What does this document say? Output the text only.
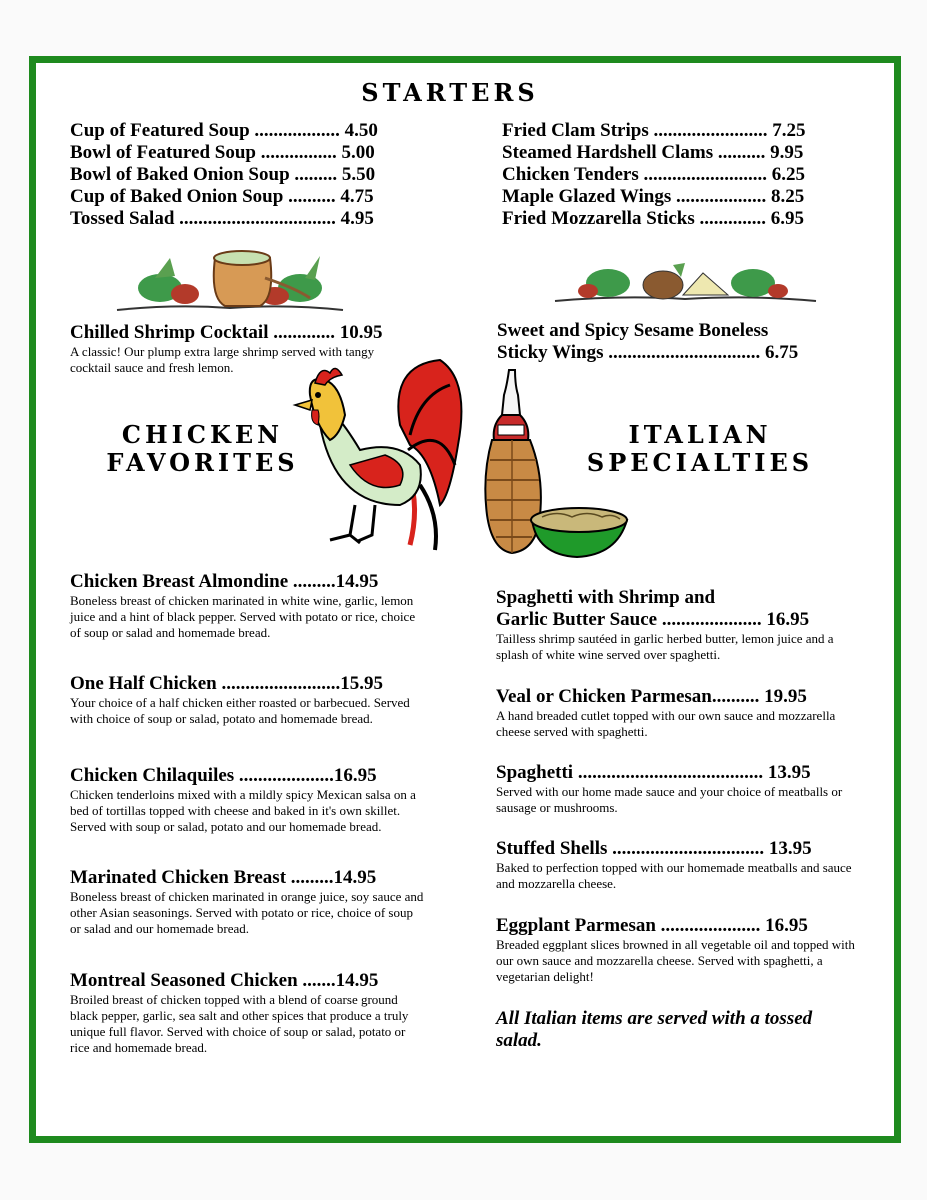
STARTERS
Cup of Featured Soup .................. 4.50
Bowl of Featured Soup ................ 5.00
Bowl of Baked Onion Soup ......... 5.50
Cup of Baked Onion Soup .......... 4.75
Tossed Salad ................................. 4.95
Fried Clam Strips ........................ 7.25
Steamed Hardshell Clams .......... 9.95
Chicken Tenders .......................... 6.25
Maple Glazed Wings ................... 8.25
Fried Mozzarella Sticks .............. 6.95
Chilled Shrimp Cocktail ............. 10.95
A classic! Our plump extra large shrimp served with tangy cocktail sauce and fresh lemon.
Sweet and Spicy Sesame Boneless
Sticky Wings ................................ 6.75
CHICKEN
FAVORITES
ITALIAN
SPECIALTIES
Chicken Breast Almondine .........14.95
Boneless breast of chicken marinated in white wine, garlic, lemon juice and a hint of black pepper. Served with potato or rice, choice of soup or salad and homemade bread.
One Half Chicken .........................15.95
Your choice of a half chicken either roasted or barbecued. Served with choice of soup or salad, potato and homemade bread.
Chicken Chilaquiles ....................16.95
Chicken tenderloins mixed with a mildly spicy Mexican salsa on a bed of tortillas topped with cheese and baked in it's own skillet. Served with soup or salad, potato and our homemade bread.
Marinated Chicken Breast .........14.95
Boneless breast of chicken marinated in orange juice, soy sauce and other Asian seasonings. Served with potato or rice, choice of soup or salad and our homemade bread.
Montreal Seasoned Chicken .......14.95
Broiled breast of chicken topped with a blend of coarse ground black pepper, garlic, sea salt and other spices that produce a truly unique full flavor. Served with choice of soup or salad, potato or rice and homemade bread.
Spaghetti with Shrimp and
Garlic Butter Sauce ..................... 16.95
Tailless shrimp sautéed in garlic herbed butter, lemon juice and a splash of white wine served over spaghetti.
Veal or Chicken Parmesan.......... 19.95
A hand breaded cutlet topped with our own sauce and mozzarella cheese served with spaghetti.
Spaghetti ....................................... 13.95
Served with our home made sauce and your choice of meatballs or sausage or mushrooms.
Stuffed Shells ................................ 13.95
Baked to perfection topped with our homemade meatballs and sauce and mozzarella cheese.
Eggplant Parmesan ..................... 16.95
Breaded eggplant slices browned in all vegetable oil and topped with our own sauce and mozzarella cheese. Served with spaghetti, a vegetarian delight!
All Italian items are served with a tossed salad.
